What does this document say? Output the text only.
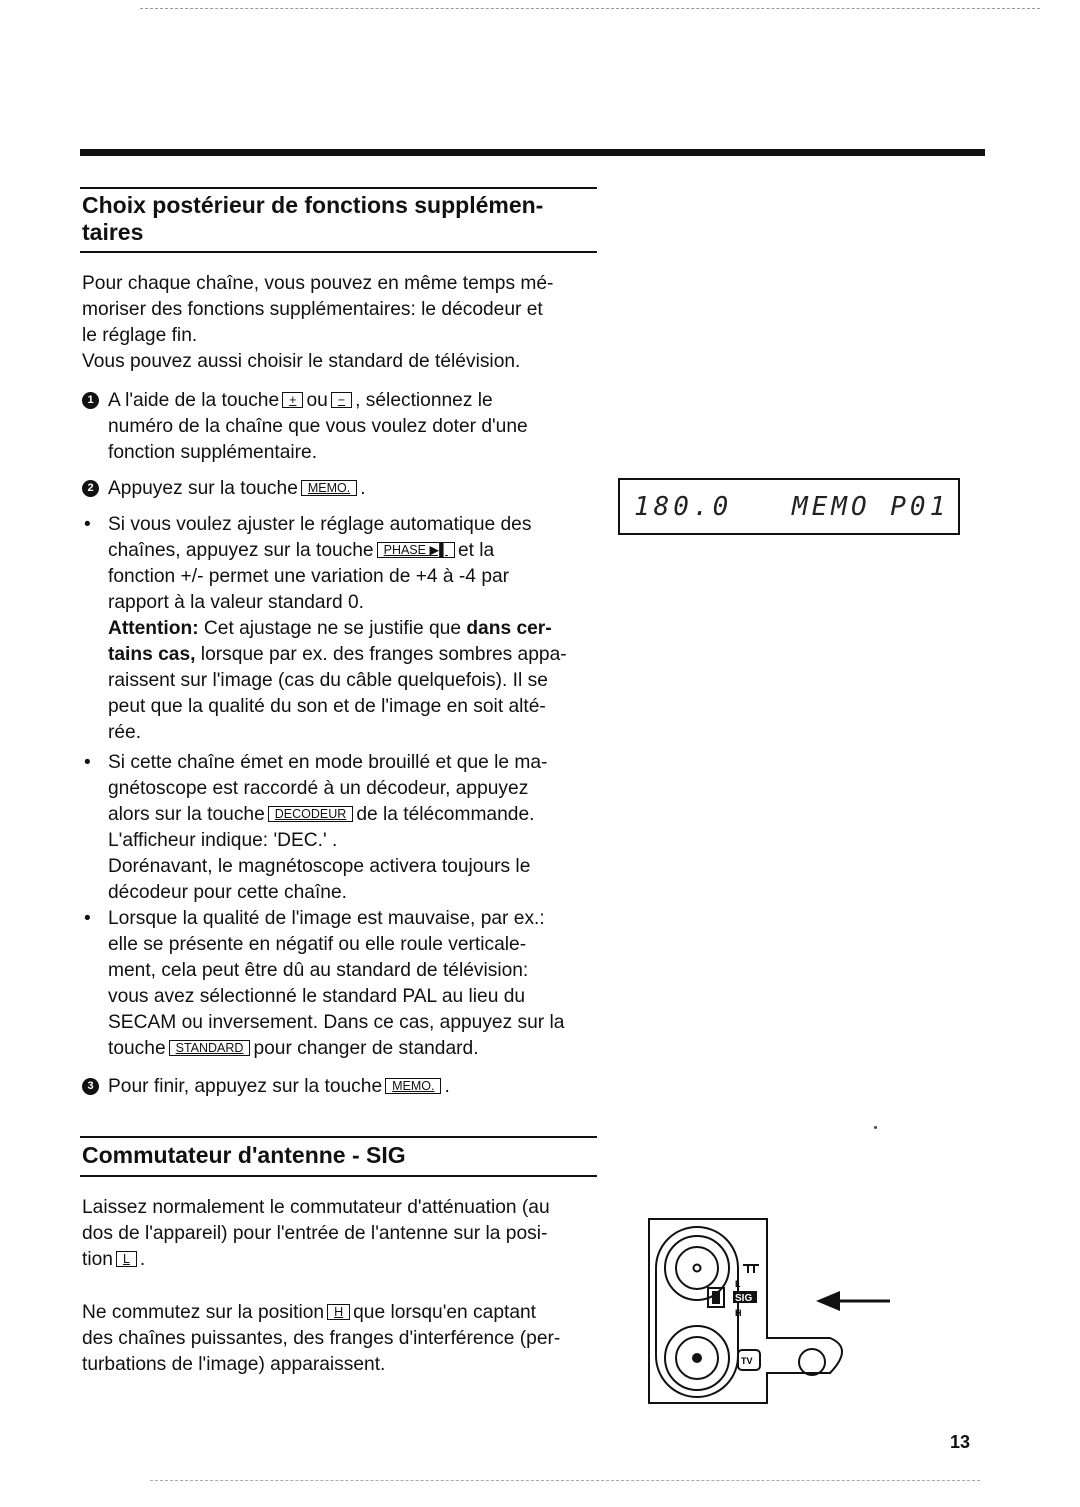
Choix postérieur de fonctions supplémen-
taires
Pour chaque chaîne, vous pouvez en même temps mé-
moriser des fonctions supplémentaires: le décodeur et
le réglage fin.
Vous pouvez aussi choisir le standard de télévision.
1 A l'aide de la touche + ou − , sélectionnez le
numéro de la chaîne que vous voulez doter d'une
fonction supplémentaire.
2 Appuyez sur la touche MEMO. .
• Si vous voulez ajuster le réglage automatique des
chaînes, appuyez sur la touche PHASE ▶▌ et la
fonction +/- permet une variation de +4 à -4 par
rapport à la valeur standard 0.
Attention: Cet ajustage ne se justifie que dans cer-
tains cas, lorsque par ex. des franges sombres appa-
raissent sur l'image (cas du câble quelquefois). Il se
peut que la qualité du son et de l'image en soit alté-
rée.
• Si cette chaîne émet en mode brouillé et que le ma-
gnétoscope est raccordé à un décodeur, appuyez
alors sur la touche DECODEUR de la télécommande.
L'afficheur indique: 'DEC.' .
Dorénavant, le magnétoscope activera toujours le
décodeur pour cette chaîne.
• Lorsque la qualité de l'image est mauvaise, par ex.:
elle se présente en négatif ou elle roule verticale-
ment, cela peut être dû au standard de télévision:
vous avez sélectionné le standard PAL au lieu du
SECAM ou inversement. Dans ce cas, appuyez sur la
touche STANDARD pour changer de standard.
3 Pour finir, appuyez sur la touche MEMO. .
180.0 MEMO P01
Commutateur d'antenne - SIG
Laissez normalement le commutateur d'atténuation (au
dos de l'appareil) pour l'entrée de l'antenne sur la posi-
tion L .
Ne commutez sur la position H que lorsqu'en captant
des chaînes puissantes, des franges d'interférence (per-
turbations de l'image) apparaissent.
L
SIG
H
TV
13
